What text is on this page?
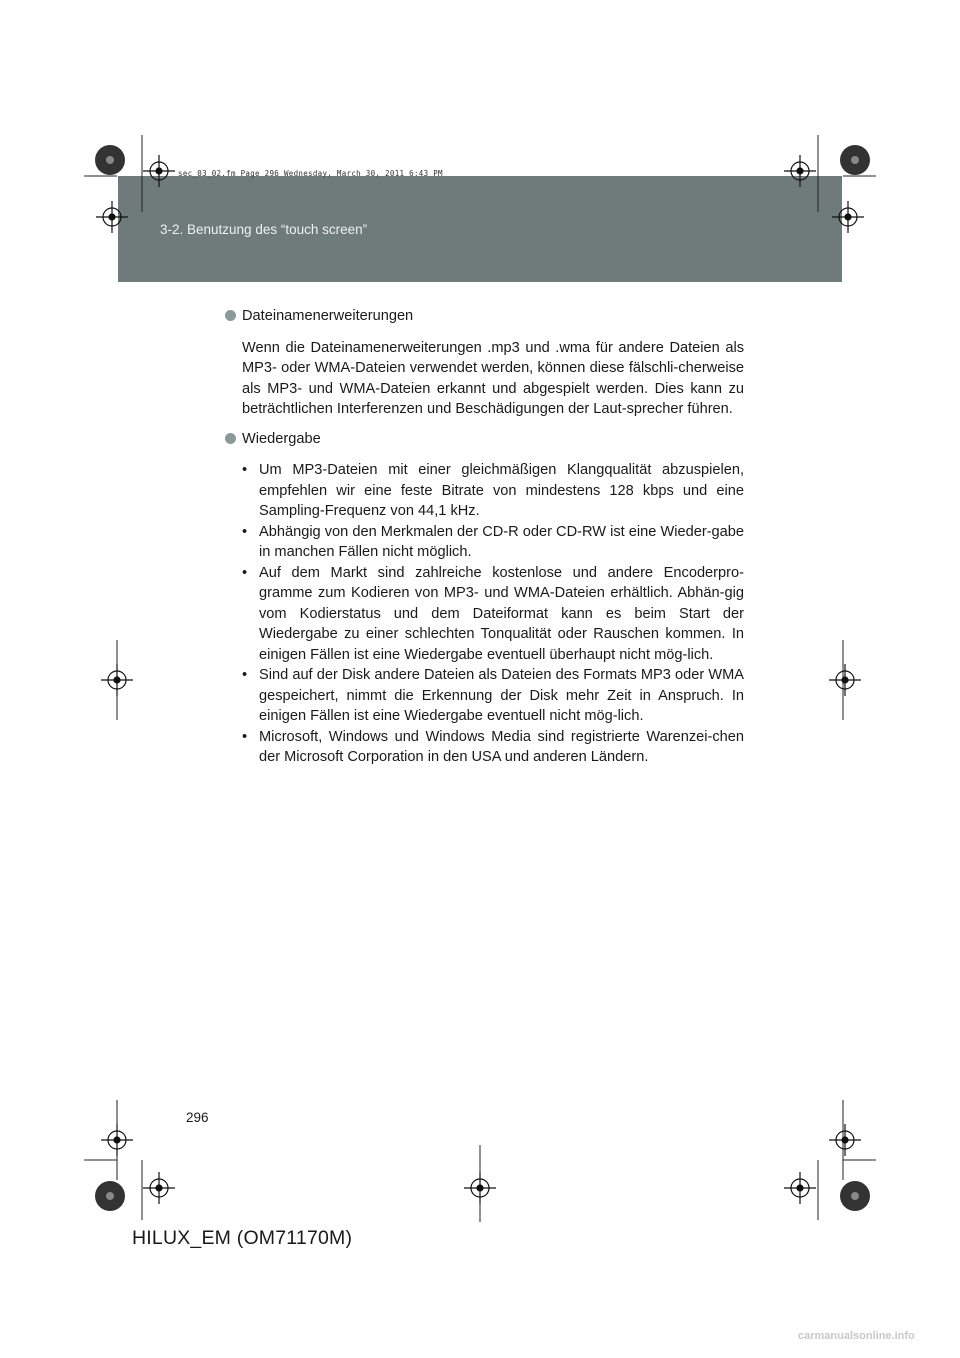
3-2. Benutzung des “touch screen”
sec_03_02.fm Page 296 Wednesday, March 30, 2011 6:43 PM
Dateinamenerweiterungen

Wenn die Dateinamenerweiterungen .mp3 und .wma für andere Dateien als MP3- oder WMA-Dateien verwendet werden, können diese fälschli-cherweise als MP3- und WMA-Dateien erkannt und abgespielt werden. Dies kann zu beträchtlichen Interferenzen und Beschädigungen der Laut-sprecher führen.

Wiedergabe
• Um MP3-Dateien mit einer gleichmäßigen Klangqualität abzuspielen, empfehlen wir eine feste Bitrate von mindestens 128 kbps und eine Sampling-Frequenz von 44,1 kHz.
• Abhängig von den Merkmalen der CD-R oder CD-RW ist eine Wieder-gabe in manchen Fällen nicht möglich.
• Auf dem Markt sind zahlreiche kostenlose und andere Encoderpro-gramme zum Kodieren von MP3- und WMA-Dateien erhältlich. Abhän-gig vom Kodierstatus und dem Dateiformat kann es beim Start der Wiedergabe zu einer schlechten Tonqualität oder Rauschen kommen. In einigen Fällen ist eine Wiedergabe eventuell überhaupt nicht mög-lich.
• Sind auf der Disk andere Dateien als Dateien des Formats MP3 oder WMA gespeichert, nimmt die Erkennung der Disk mehr Zeit in Anspruch. In einigen Fällen ist eine Wiedergabe eventuell nicht mög-lich.
• Microsoft, Windows und Windows Media sind registrierte Warenzei-chen der Microsoft Corporation in den USA und anderen Ländern.
296
HILUX_EM (OM71170M)
carmanualsonline.info
